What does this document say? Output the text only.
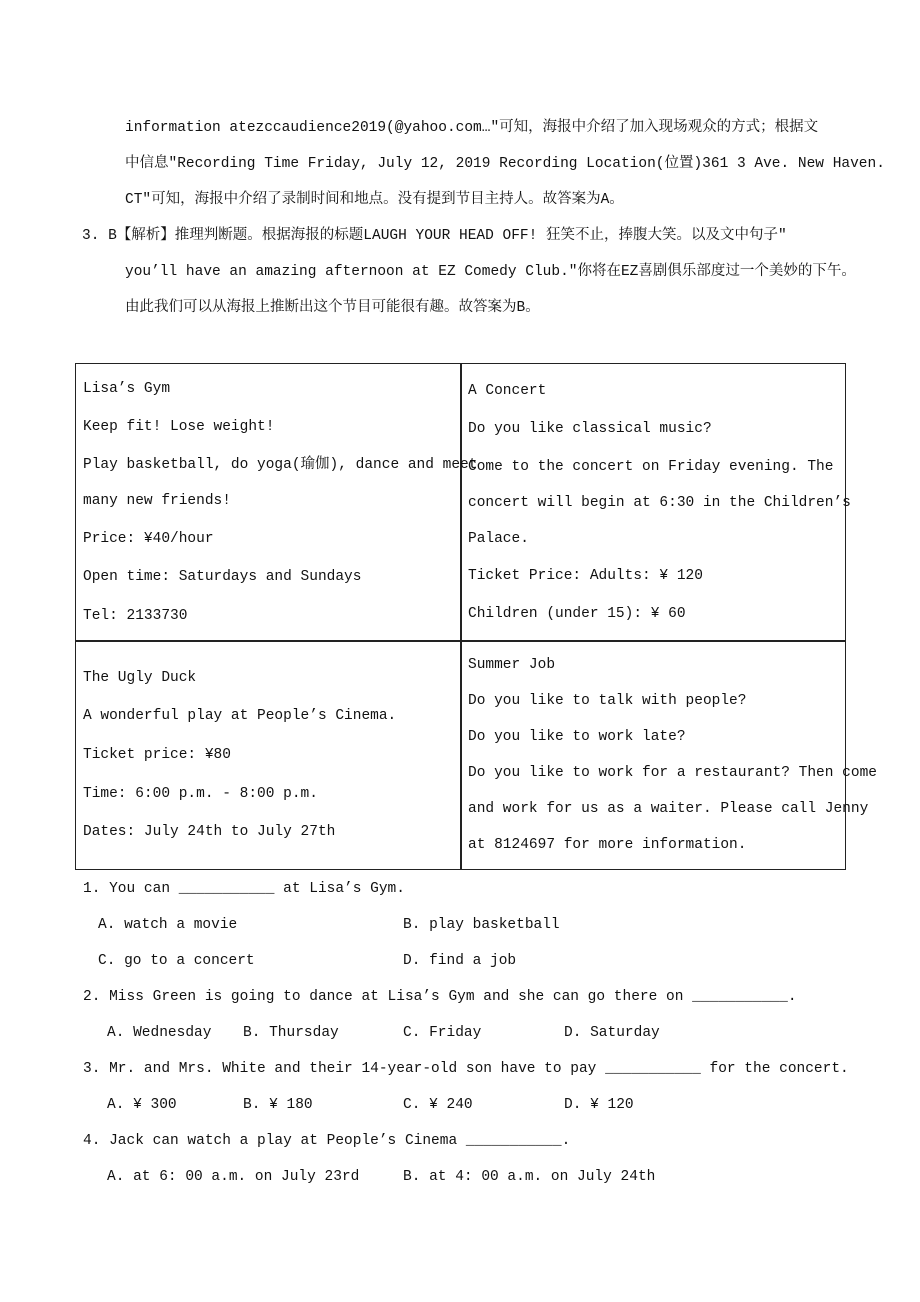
information atezccaudience2019(@yahoo.com…"可知，海报中介绍了加入现场观众的方式；根据文
中信息"Recording Time Friday, July 12, 2019 Recording Location(位置)361 3 Ave. New Haven.
CT"可知，海报中介绍了录制时间和地点。没有提到节目主持人。故答案为A。
3. B【解析】推理判断题。根据海报的标题LAUGH YOUR HEAD OFF! 狂笑不止，捧腹大笑。以及文中句子"
you’ll have an amazing afternoon at EZ Comedy Club."你将在EZ喜剧俱乐部度过一个美妙的下午。
由此我们可以从海报上推断出这个节目可能很有趣。故答案为B。
Lisa’s Gym
Keep fit! Lose weight!
Play basketball, do yoga(瑜伽), dance and meet
many new friends!
Price: ¥40/hour
Open time: Saturdays and Sundays
Tel: 2133730
A Concert
Do you like classical music?
Come to the concert on Friday evening. The
concert will begin at 6:30 in the Children’s
Palace.
Ticket Price: Adults: ¥ 120
Children (under 15): ¥ 60
The Ugly Duck
A wonderful play at People’s Cinema.
Ticket price: ¥80
Time: 6:00 p.m. - 8:00 p.m.
Dates: July 24th to July 27th
Summer Job
Do you like to talk with people?
Do you like to work late?
Do you like to work for a restaurant? Then come
and work for us as a waiter. Please call Jenny
at 8124697 for more information.
1. You can ___________ at Lisa’s Gym.
A. watch a movie	B. play basketball
C. go to a concert	D. find a job
2. Miss Green is going to dance at Lisa’s Gym and she can go there on ___________.
A. Wednesday B. Thursday	C. Friday	D. Saturday
3. Mr. and Mrs. White and their 14-year-old son have to pay ___________ for the concert.
A. ¥ 300	B. ¥ 180	C. ¥ 240	D. ¥ 120
4. Jack can watch a play at People’s Cinema ___________.
A. at 6: 00 a.m. on July 23rd	B. at 4: 00 a.m. on July 24th
